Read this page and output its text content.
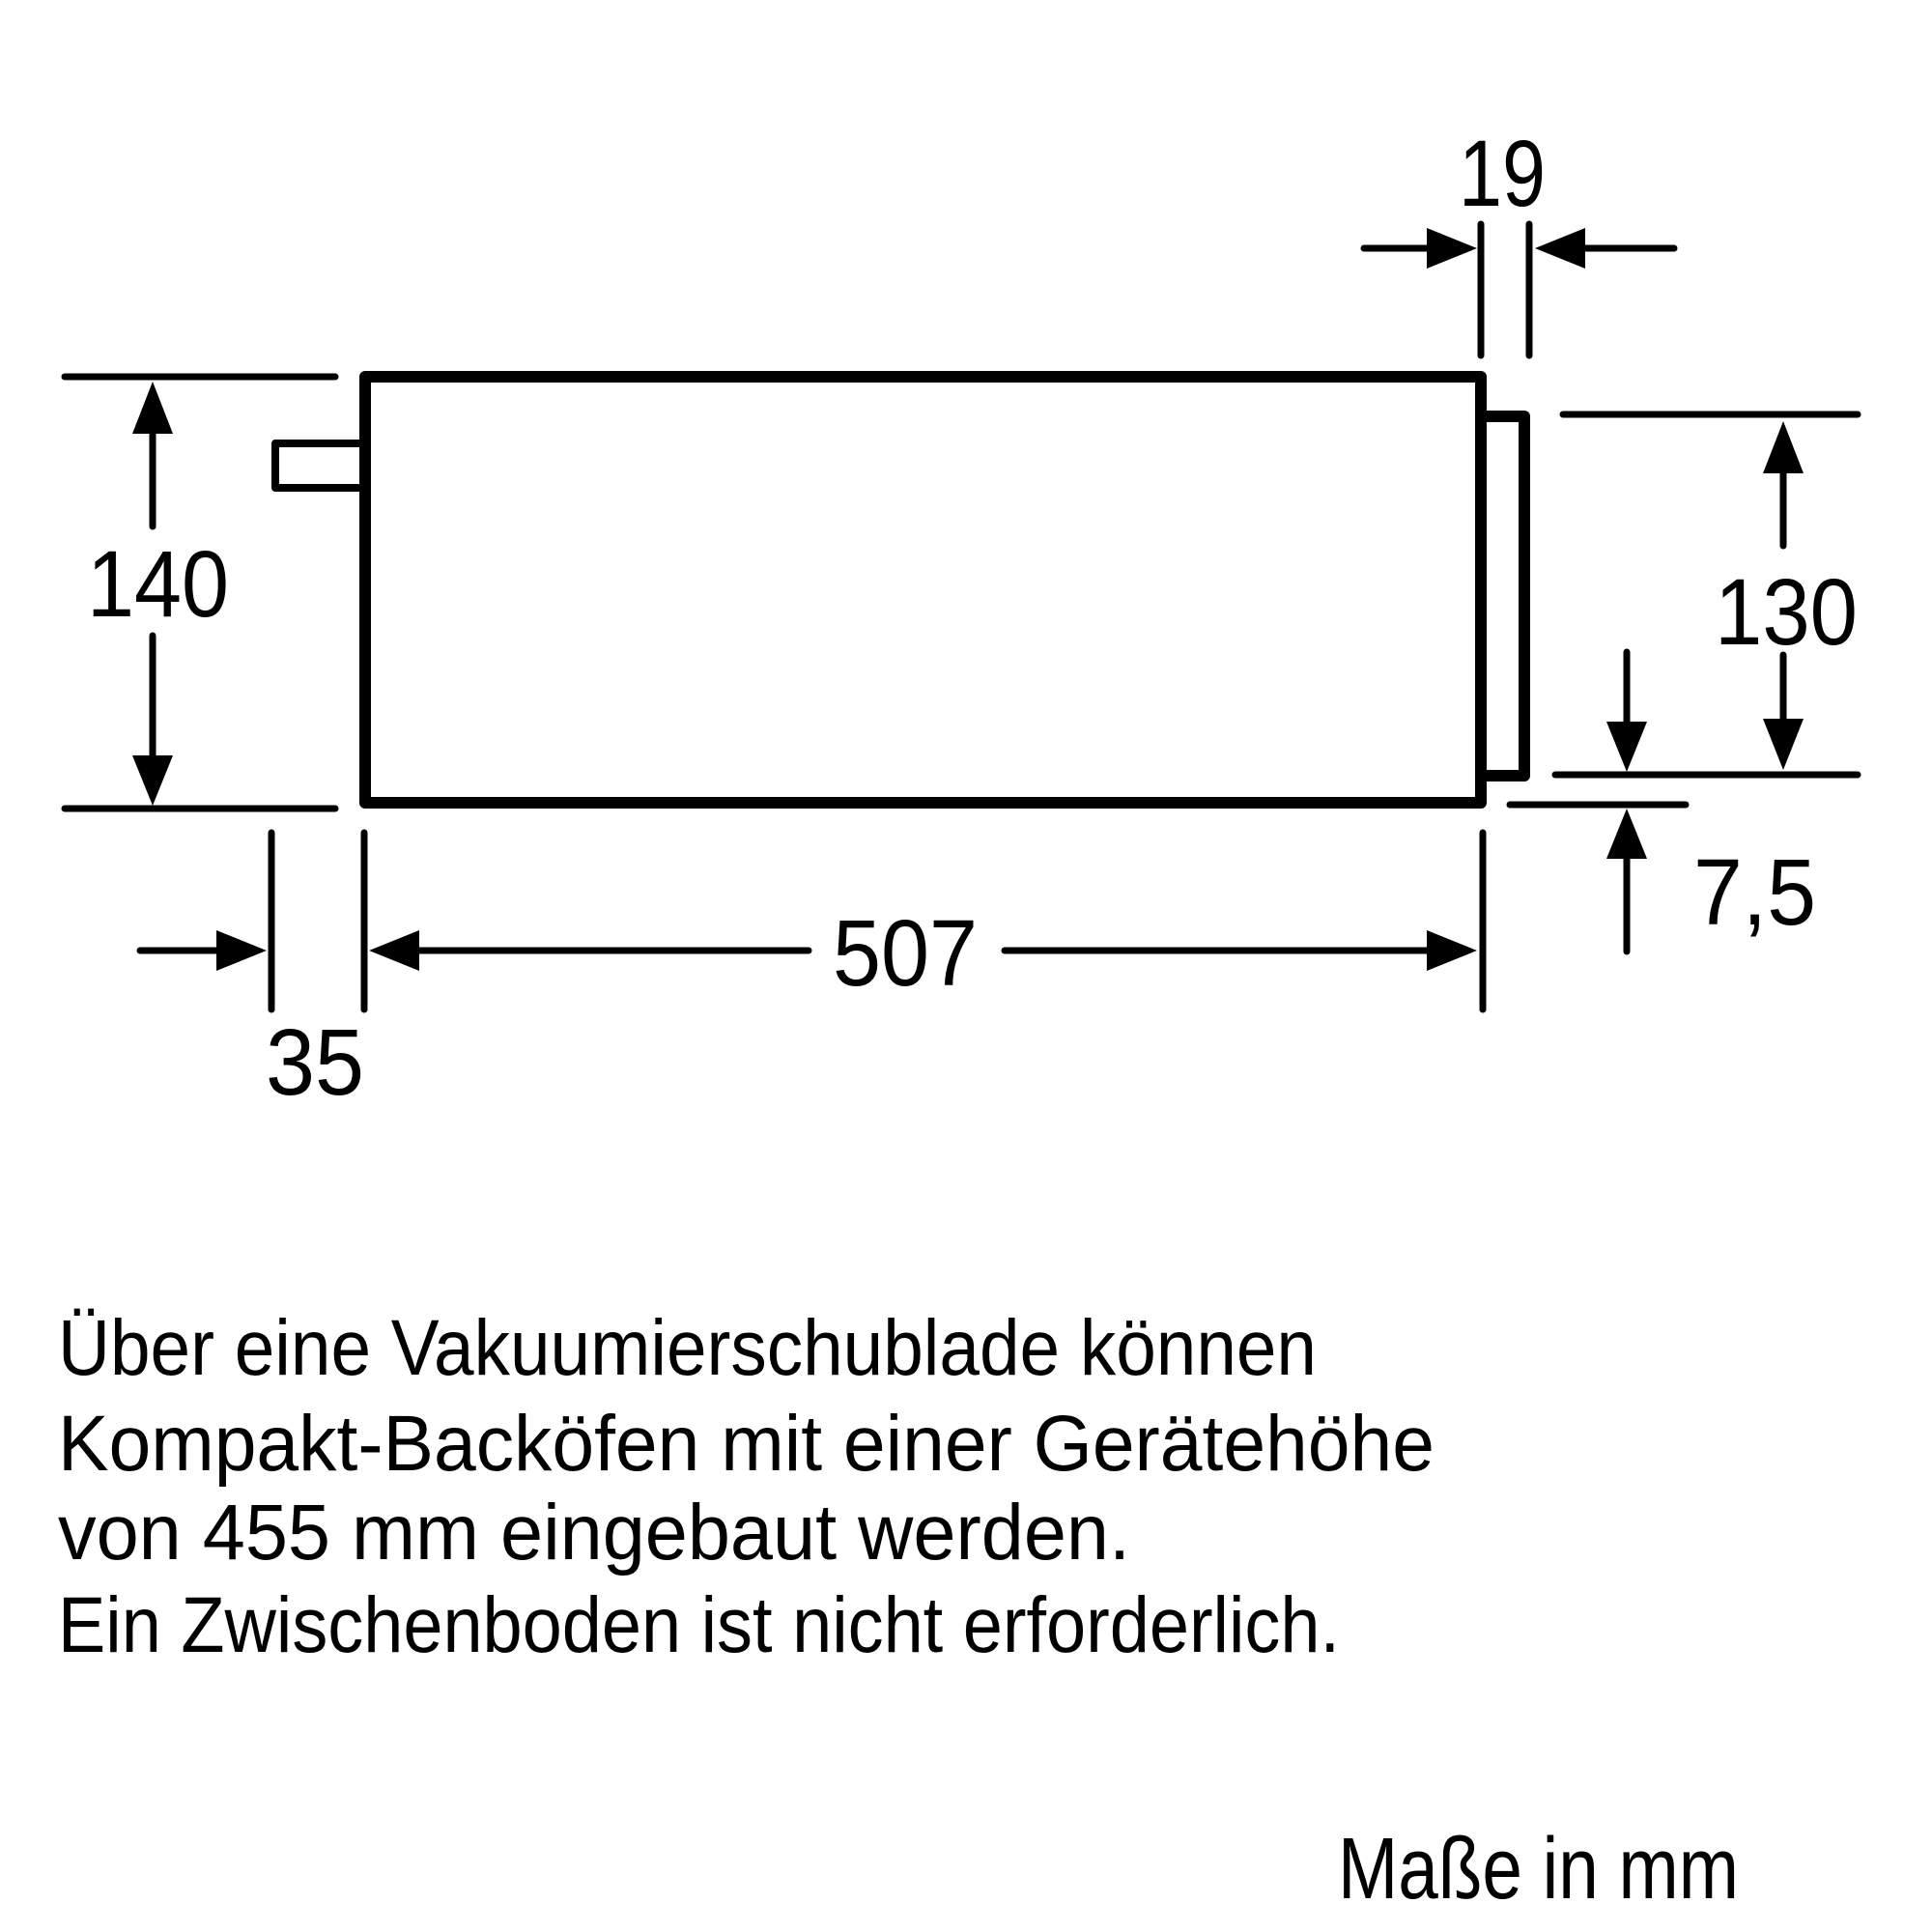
19
140	130
7,5
507
35
Über eine Vakuumierschublade können
Kompakt-Backöfen mit einer Gerätehöhe
von 455 mm eingebaut werden.
Ein Zwischenboden ist nicht erforderlich.
Maße in mm
